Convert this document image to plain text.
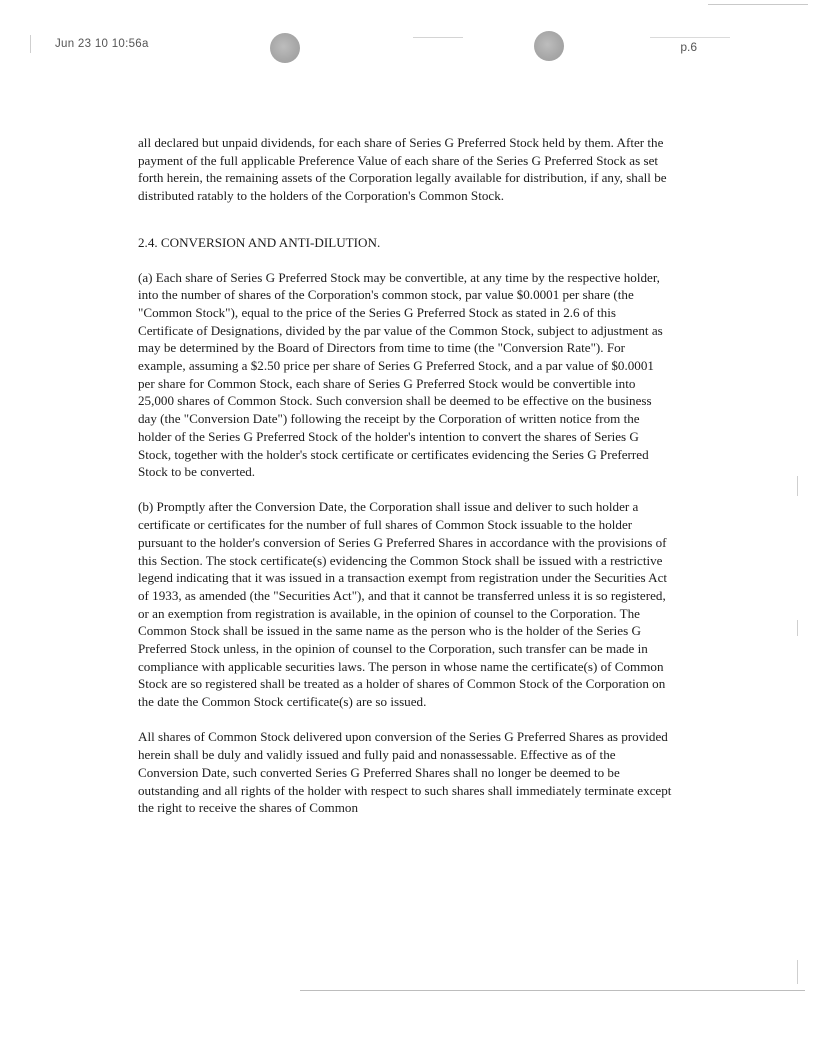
Jun 23 10 10:56a	p.6

all declared but unpaid dividends, for each share of Series G Preferred Stock held by them. After the payment of the full applicable Preference Value of each share of the Series G Preferred Stock as set forth herein, the remaining assets of the Corporation legally available for distribution, if any, shall be distributed ratably to the holders of the Corporation's Common Stock.

2.4. CONVERSION AND ANTI-DILUTION.

(a) Each share of Series G Preferred Stock may be convertible, at any time by the respective holder, into the number of shares of the Corporation's common stock, par value $0.0001 per share (the "Common Stock"), equal to the price of the Series G Preferred Stock as stated in 2.6 of this Certificate of Designations, divided by the par value of the Common Stock, subject to adjustment as may be determined by the Board of Directors from time to time (the "Conversion Rate"). For example, assuming a $2.50 price per share of Series G Preferred Stock, and a par value of $0.0001 per share for Common Stock, each share of Series G Preferred Stock would be convertible into 25,000 shares of Common Stock. Such conversion shall be deemed to be effective on the business day (the "Conversion Date") following the receipt by the Corporation of written notice from the holder of the Series G Preferred Stock of the holder's intention to convert the shares of Series G Stock, together with the holder's stock certificate or certificates evidencing the Series G Preferred Stock to be converted.

(b) Promptly after the Conversion Date, the Corporation shall issue and deliver to such holder a certificate or certificates for the number of full shares of Common Stock issuable to the holder pursuant to the holder's conversion of Series G Preferred Shares in accordance with the provisions of this Section. The stock certificate(s) evidencing the Common Stock shall be issued with a restrictive legend indicating that it was issued in a transaction exempt from registration under the Securities Act of 1933, as amended (the "Securities Act"), and that it cannot be transferred unless it is so registered, or an exemption from registration is available, in the opinion of counsel to the Corporation. The Common Stock shall be issued in the same name as the person who is the holder of the Series G Preferred Stock unless, in the opinion of counsel to the Corporation, such transfer can be made in compliance with applicable securities laws. The person in whose name the certificate(s) of Common Stock are so registered shall be treated as a holder of shares of Common Stock of the Corporation on the date the Common Stock certificate(s) are so issued.

All shares of Common Stock delivered upon conversion of the Series G Preferred Shares as provided herein shall be duly and validly issued and fully paid and nonassessable. Effective as of the Conversion Date, such converted Series G Preferred Shares shall no longer be deemed to be outstanding and all rights of the holder with respect to such shares shall immediately terminate except the right to receive the shares of Common
